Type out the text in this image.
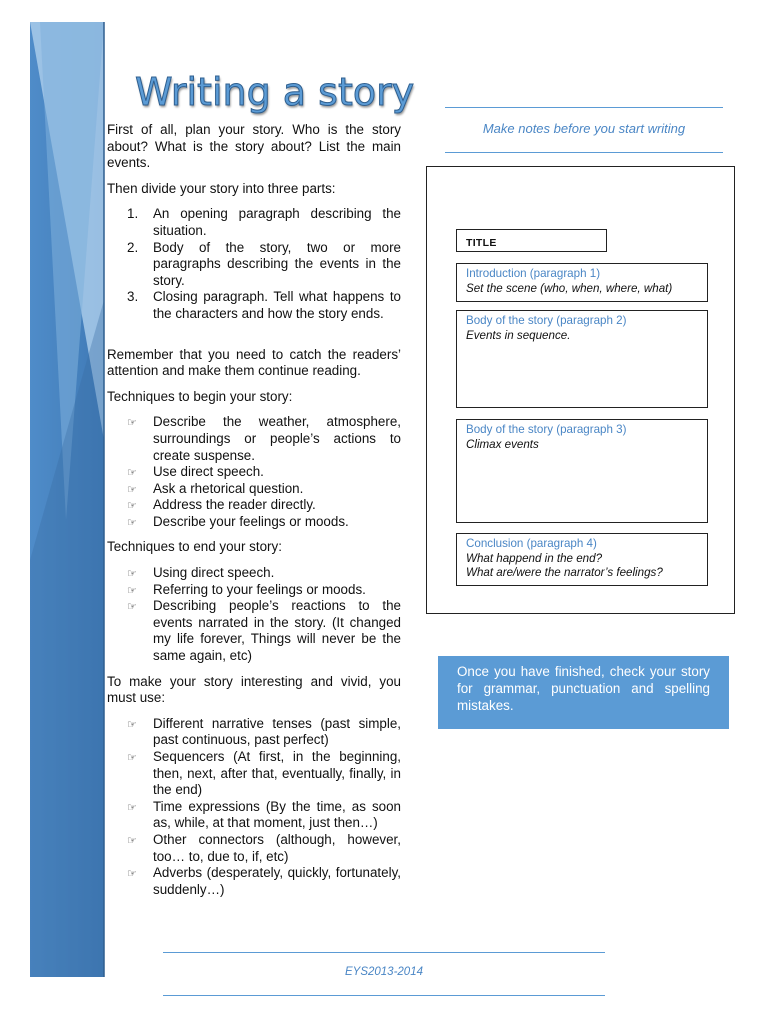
Writing a story

First of all, plan your story. Who is the story about? What is the story about? List the main events.

Then divide your story into three parts:

1. An opening paragraph describing the situation.
2. Body of the story, two or more paragraphs describing the events in the story.
3. Closing paragraph. Tell what happens to the characters and how the story ends.

Remember that you need to catch the readers’ attention and make them continue reading.

Techniques to begin your story:

☞ Describe the weather, atmosphere, surroundings or people’s actions to create suspense.
☞ Use direct speech.
☞ Ask a rhetorical question.
☞ Address the reader directly.
☞ Describe your feelings or moods.

Techniques to end your story:

☞ Using direct speech.
☞ Referring to your feelings or moods.
☞ Describing people’s reactions to the events narrated in the story. (It changed my life forever, Things will never be the same again, etc)

To make your story interesting and vivid, you must use:

☞ Different narrative tenses (past simple, past continuous, past perfect)
☞ Sequencers (At first, in the beginning, then, next, after that, eventually, finally, in the end)
☞ Time expressions (By the time, as soon as, while, at that moment, just then…)
☞ Other connectors (although, however, too… to, due to, if, etc)
☞ Adverbs (desperately, quickly, fortunately, suddenly…)
Make notes before you start writing
TITLE
Introduction (paragraph 1)
Set the scene (who, when, where, what)
Body of the story (paragraph 2)
Events in sequence.
Body of the story (paragraph 3)
Climax events
Conclusion (paragraph 4)
What happend in the end?
What are/were the narrator’s feelings?
Once you have finished, check your story for grammar, punctuation and spelling mistakes.
EYS2013-2014
